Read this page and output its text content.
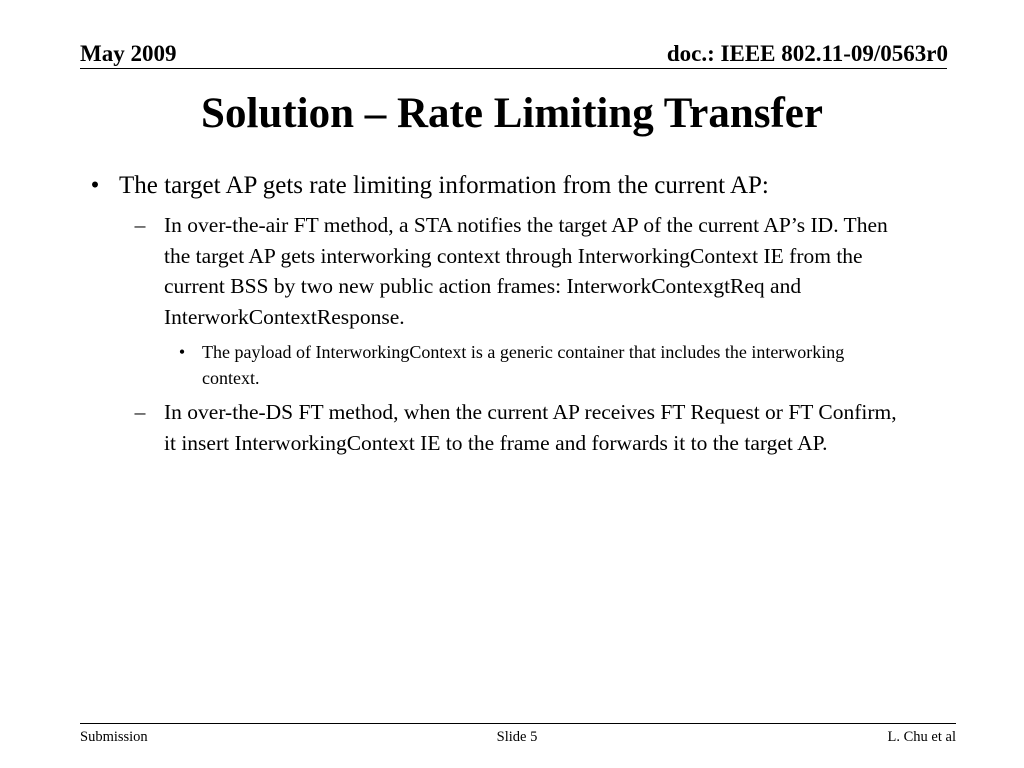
May 2009	doc.: IEEE 802.11-09/0563r0
Solution – Rate Limiting Transfer
• The target AP gets rate limiting information from the current AP:
– In over-the-air FT method, a STA notifies the target AP of the current AP’s ID. Then the target AP gets interworking context through InterworkingContext IE from the current BSS by two new public action frames: InterworkContexgtReq and InterworkContextResponse.
• The payload of InterworkingContext is a generic container that includes the interworking context.
– In over-the-DS FT method, when the current AP receives FT Request or FT Confirm, it insert InterworkingContext IE to the frame and forwards it to the target AP.
Submission	Slide 5	L. Chu et al
